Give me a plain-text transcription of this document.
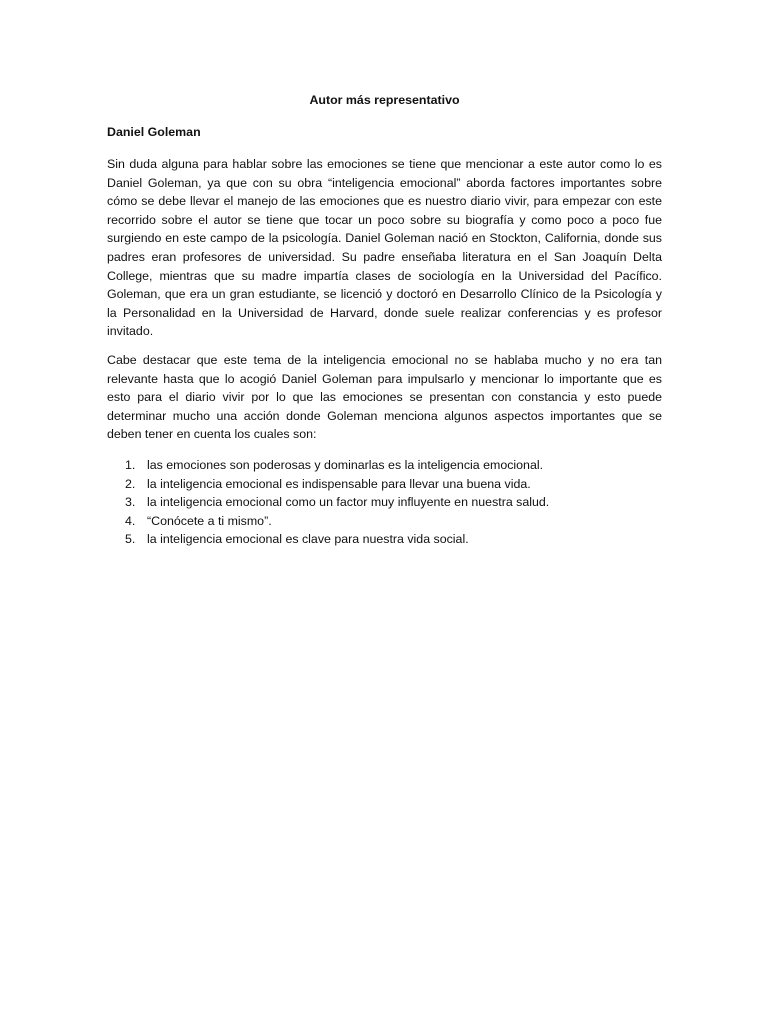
Autor más representativo
Daniel Goleman

Sin duda alguna para hablar sobre las emociones se tiene que mencionar a este autor como lo es Daniel Goleman, ya que con su obra “inteligencia emocional” aborda factores importantes sobre cómo se debe llevar el manejo de las emociones que es nuestro diario vivir, para empezar con este recorrido sobre el autor se tiene que tocar un poco sobre su biografía y como poco a poco fue surgiendo en este campo de la psicología. Daniel Goleman nació en Stockton, California, donde sus padres eran profesores de universidad. Su padre enseñaba literatura en el San Joaquín Delta College, mientras que su madre impartía clases de sociología en la Universidad del Pacífico. Goleman, que era un gran estudiante, se licenció y doctoró en Desarrollo Clínico de la Psicología y la Personalidad en la Universidad de Harvard, donde suele realizar conferencias y es profesor invitado.

Cabe destacar que este tema de la inteligencia emocional no se hablaba mucho y no era tan relevante hasta que lo acogió Daniel Goleman para impulsarlo y mencionar lo importante que es esto para el diario vivir por lo que las emociones se presentan con constancia y esto puede determinar mucho una acción donde Goleman menciona algunos aspectos importantes que se deben tener en cuenta los cuales son:

1. las emociones son poderosas y dominarlas es la inteligencia emocional.
2. la inteligencia emocional es indispensable para llevar una buena vida.
3. la inteligencia emocional como un factor muy influyente en nuestra salud.
4. “Conócete a ti mismo”.
5. la inteligencia emocional es clave para nuestra vida social.
